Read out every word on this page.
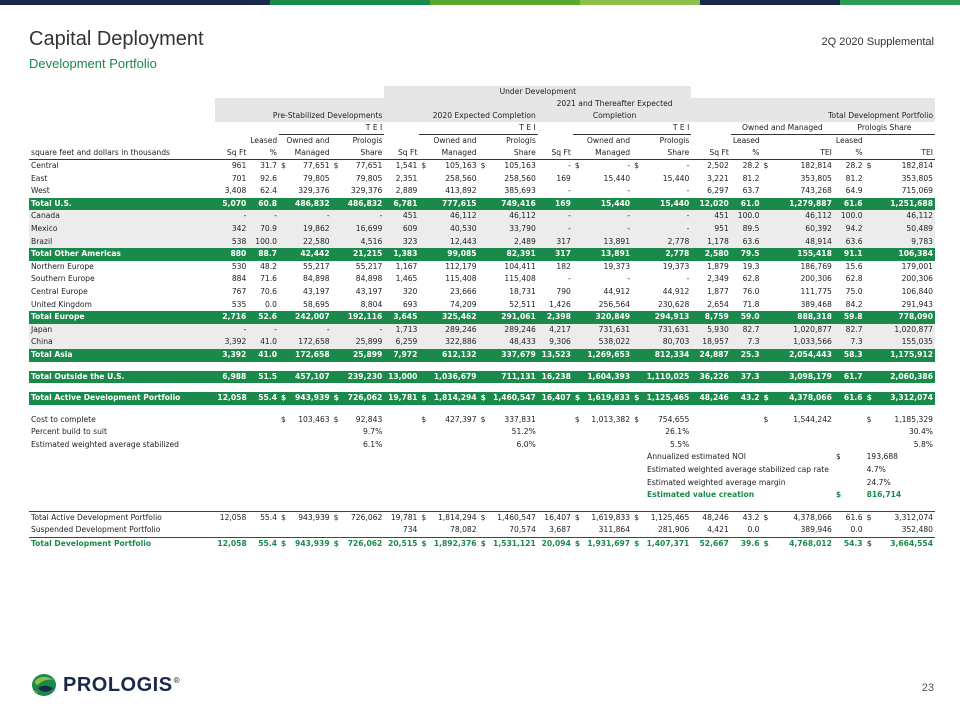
Capital Deployment
Development Portfolio
2Q 2020 Supplemental
							Under Development																
												2021 and Thereafter Expected											
	Pre-Stabilized Developments						2020 Expected Completion					Completion					Total Development Portfolio						
			T E I					T E I					T E I					Owned and Managed			Prologis Share		
		Leased	Owned and		Prologis			Owned and		Prologis			Owned and		Prologis			Leased			Leased		
square feet and dollars in thousands	Sq Ft	%	Managed		Share		Sq Ft	Managed		Share		Sq Ft	Managed		Share		Sq Ft	%	TEI		%	TEI	
Central	961	31.7	$	77,651	$	77,651	1,541	$	105,163	$	105,163	-	$	-	$	-	2,502	28.2	$	182,814	28.2	$	182,814
East	701	92.6		79,805		79,805	2,351		258,560		258,560	169		15,440		15,440	3,221	81.2		353,805	81.2		353,805
West	3,408	62.4		329,376		329,376	2,889		413,892		385,693	-		-		-	6,297	63.7		743,268	64.9		715,069
Total U.S.	5,070	60.8		486,832		486,832	6,781		777,615		749,416	169		15,440		15,440	12,020	61.0		1,279,887	61.6		1,251,688
Canada	-	-		-		-	451		46,112		46,112	-		-		-	451	100.0		46,112	100.0		46,112
Mexico	342	70.9		19,862		16,699	609		40,530		33,790	-		-		-	951	89.5		60,392	94.2		50,489
Brazil	538	100.0		22,580		4,516	323		12,443		2,489	317		13,891		2,778	1,178	63.6		48,914	63.6		9,783
Total Other Americas	880	88.7		42,442		21,215	1,383		99,085		82,391	317		13,891		2,778	2,580	79.5		155,418	91.1		106,384
Northern Europe	530	48.2		55,217		55,217	1,167		112,179		104,411	182		19,373		19,373	1,879	19.3		186,769	15.6		179,001
Southern Europe	884	71.6		84,898		84,898	1,465		115,408		115,408	-		-		-	2,349	62.8		200,306	62.8		200,306
Central Europe	767	70.6		43,197		43,197	320		23,666		18,731	790		44,912		44,912	1,877	76.0		111,775	75.0		106,840
United Kingdom	535	0.0		58,695		8,804	693		74,209		52,511	1,426		256,564		230,628	2,654	71.8		389,468	84.2		291,943
Total Europe	2,716	52.6		242,007		192,116	3,645		325,462		291,061	2,398		320,849		294,913	8,759	59.0		888,318	59.8		778,090
Japan	-	-		-		-	1,713		289,246		289,246	4,217		731,631		731,631	5,930	82.7		1,020,877	82.7		1,020,877
China	3,392	41.0		172,658		25,899	6,259		322,886		48,433	9,306		538,022		80,703	18,957	7.3		1,033,566	7.3		155,035
Total Asia	3,392	41.0		172,658		25,899	7,972		612,132		337,679	13,523		1,269,653		812,334	24,887	25.3		2,054,443	58.3		1,175,912

Total Outside the U.S.	6,988	51.5		457,107		239,230	13,000		1,036,679		711,131	16,238		1,604,393		1,110,025	36,226	37.3		3,098,179	61.7		2,060,386

Total Active Development Portfolio	12,058	55.4	$	943,939	$	726,062	19,781	$	1,814,294	$	1,460,547	16,407	$	1,619,833	$	1,125,465	48,246	43.2	$	4,378,066	61.6	$	3,312,074

Cost to complete			$	103,463	$	92,843		$	427,397	$	337,831		$	1,013,382	$	754,655			$	1,544,242		$	1,185,329
Percent build to suit						9.7%					51.2%					26.1%							30.4%
Estimated weighted average stabilized						6.1%					6.0%					5.5%							5.8%
																Annualized estimated NOI					$	193,688	
																Estimated weighted average stabilized cap rate						4.7%	
																Estimated weighted average margin						24.7%	
																Estimated value creation					$	816,714	

Total Active Development Portfolio	12,058	55.4	$	943,939	$	726,062	19,781	$	1,814,294	$	1,460,547	16,407	$	1,619,833	$	1,125,465	48,246	43.2	$	4,378,066	61.6	$	3,312,074
Suspended Development Portfolio							734		78,082		70,574	3,687		311,864		281,906	4,421	0.0		389,946	0.0		352,480
Total Development Portfolio	12,058	55.4	$	943,939	$	726,062	20,515	$	1,892,376	$	1,531,121	20,094	$	1,931,697	$	1,407,371	52,667	39.6	$	4,768,012	54.3	$	3,664,554
PROLOGIS ®
23
